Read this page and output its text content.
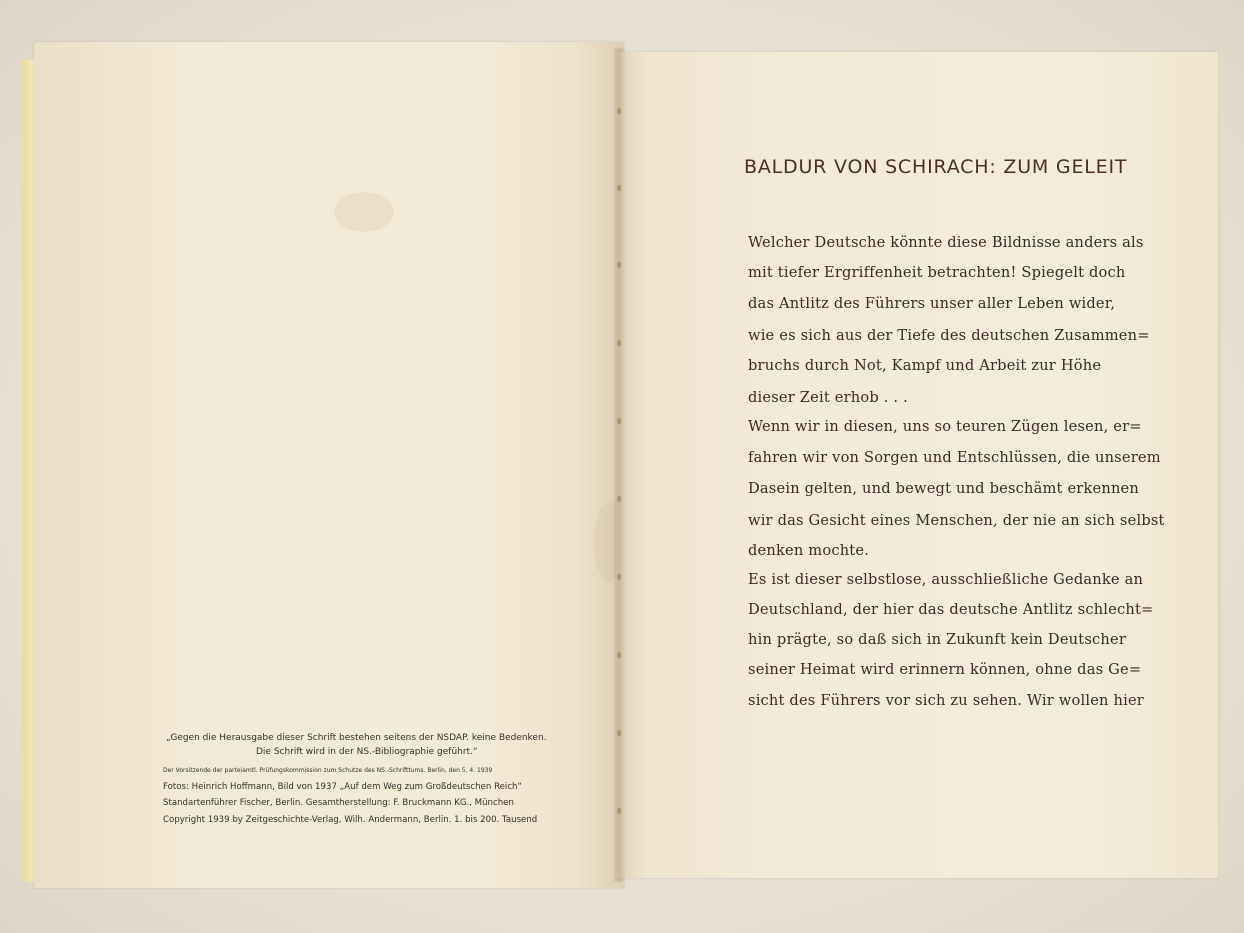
BALDUR VON SCHIRACH: ZUM GELEIT

Welcher Deutsche könnte diese Bildnisse anders als

mit tiefer Ergriffenheit betrachten! Spiegelt doch

das Antlitz des Führers unser aller Leben wider,

wie es sich aus der Tiefe des deutschen Zusammen=

bruchs durch Not, Kampf und Arbeit zur Höhe

dieser Zeit erhob . . .

Wenn wir in diesen, uns so teuren Zügen lesen, er=

fahren wir von Sorgen und Entschlüssen, die unserem

Dasein gelten, und bewegt und beschämt erkennen

wir das Gesicht eines Menschen, der nie an sich selbst

denken mochte.

Es ist dieser selbstlose, ausschließliche Gedanke an

Deutschland, der hier das deutsche Antlitz schlecht=

hin prägte, so daß sich in Zukunft kein Deutscher

seiner Heimat wird erinnern können, ohne das Ge=

sicht des Führers vor sich zu sehen. Wir wollen hier

„Gegen die Herausgabe dieser Schrift bestehen seitens der NSDAP. keine Bedenken.

Die Schrift wird in der NS.-Bibliographie geführt.“

Der Vorsitzende der parteiamtl. Prüfungskommission zum Schutze des NS.-Schrifttums. Berlin, den 5. 4. 1939

Fotos: Heinrich Hoffmann, Bild von 1937 „Auf dem Weg zum Großdeutschen Reich“

Standartenführer Fischer, Berlin. Gesamtherstellung: F. Bruckmann KG., München

Copyright 1939 by Zeitgeschichte-Verlag, Wilh. Andermann, Berlin. 1. bis 200. Tausend
